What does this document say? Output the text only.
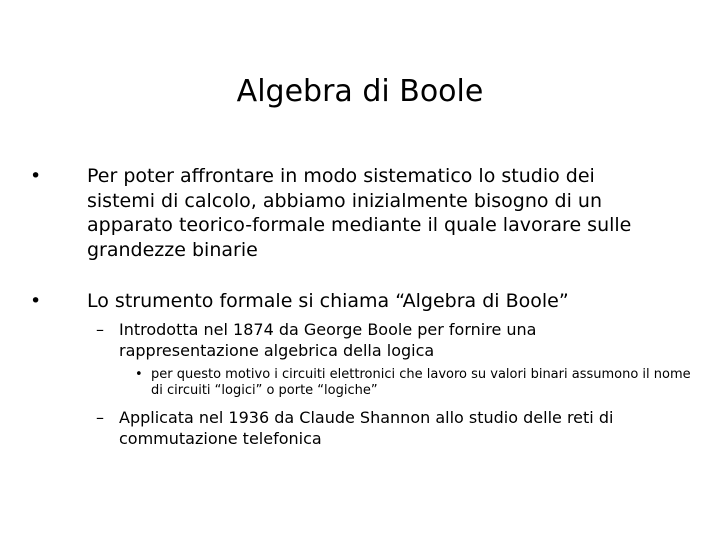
Algebra di Boole
• Per poter affrontare in modo sistematico lo studio dei sistemi di calcolo, abbiamo inizialmente bisogno di un apparato teorico-formale mediante il quale lavorare sulle grandezze binarie
• Lo strumento formale si chiama “Algebra di Boole”
– Introdotta nel 1874 da George Boole per fornire una rappresentazione algebrica della logica
• per questo motivo i circuiti elettronici che lavoro su valori binari assumono il nome di circuiti “logici” o porte “logiche”
– Applicata nel 1936 da Claude Shannon allo studio delle reti di commutazione telefonica
